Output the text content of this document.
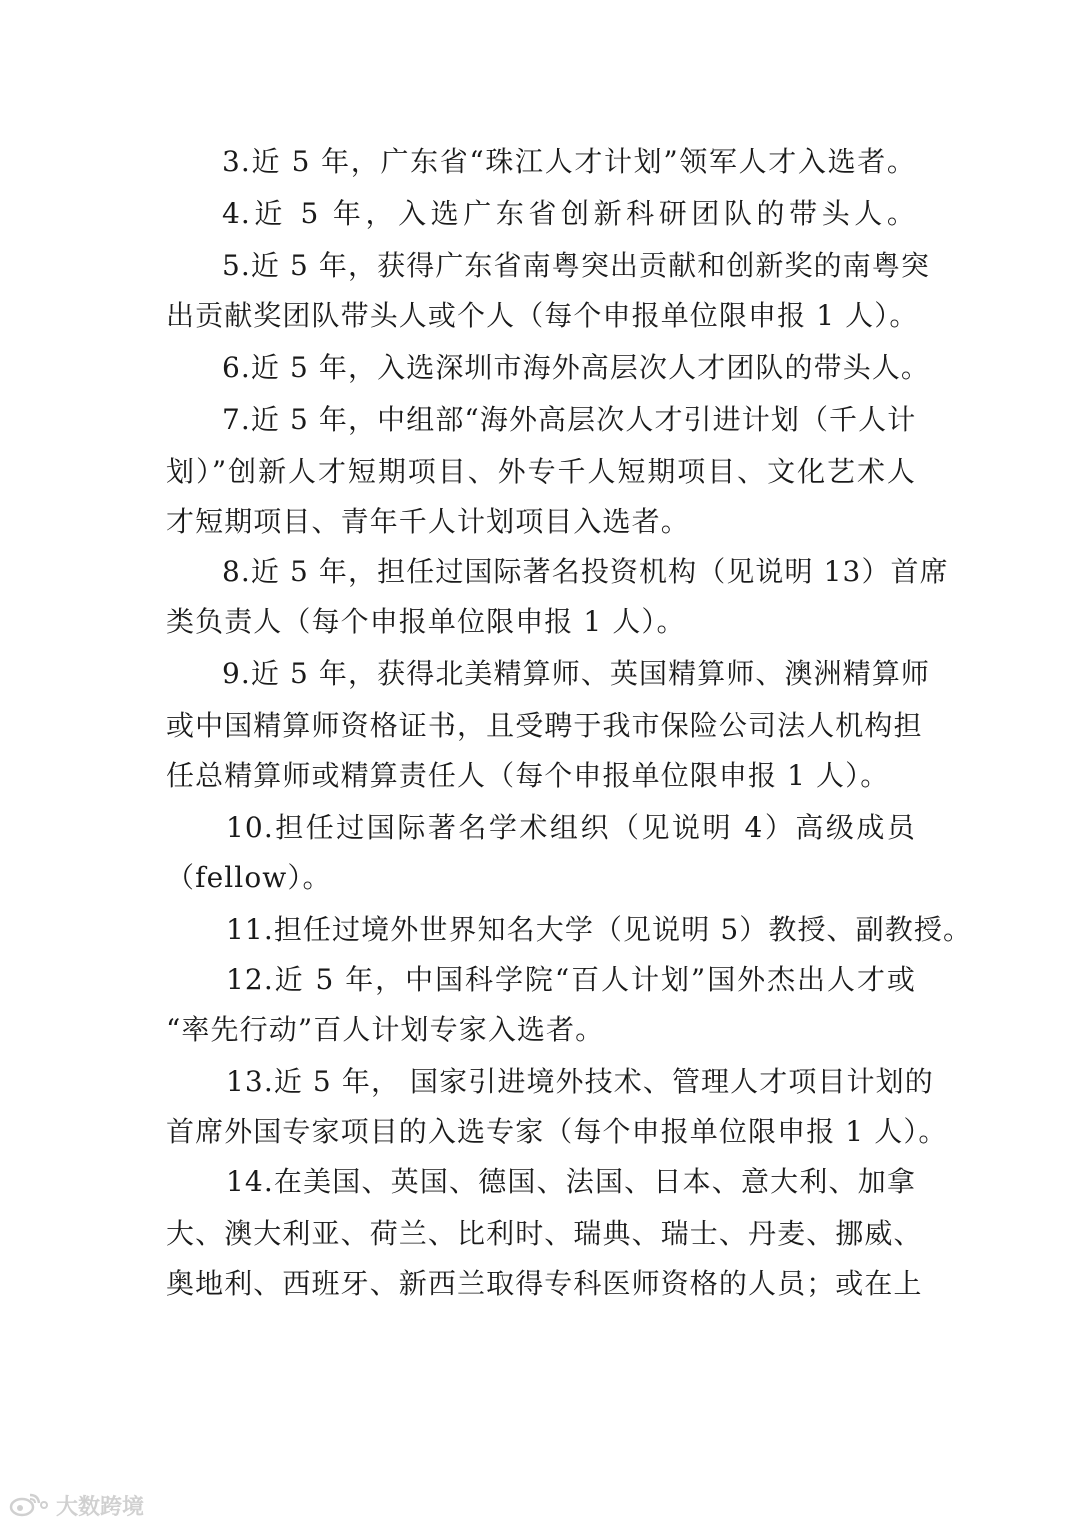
3.近 5 年，广东省“珠江人才计划”领军人才入选者。
4.近 5 年，入选广东省创新科研团队的带头人。
5.近 5 年，获得广东省南粤突出贡献和创新奖的南粤突
出贡献奖团队带头人或个人（每个申报单位限申报 1 人）。
6.近 5 年，入选深圳市海外高层次人才团队的带头人。
7.近 5 年，中组部“海外高层次人才引进计划（千人计
划）”创新人才短期项目、外专千人短期项目、文化艺术人
才短期项目、青年千人计划项目入选者。
8.近 5 年，担任过国际著名投资机构（见说明 13）首席
类负责人（每个申报单位限申报 1 人）。
9.近 5 年，获得北美精算师、英国精算师、澳洲精算师
或中国精算师资格证书，且受聘于我市保险公司法人机构担
任总精算师或精算责任人（每个申报单位限申报 1 人）。
10.担任过国际著名学术组织（见说明 4）高级成员
（fellow）。
11.担任过境外世界知名大学（见说明 5）教授、副教授。
12.近 5 年，中国科学院“百人计划”国外杰出人才或
“率先行动”百人计划专家入选者。
13.近 5 年， 国家引进境外技术、管理人才项目计划的
首席外国专家项目的入选专家（每个申报单位限申报 1 人）。
14.在美国、英国、德国、法国、日本、意大利、加拿
大、澳大利亚、荷兰、比利时、瑞典、瑞士、丹麦、挪威、
奥地利、西班牙、新西兰取得专科医师资格的人员；或在上
大数跨境
